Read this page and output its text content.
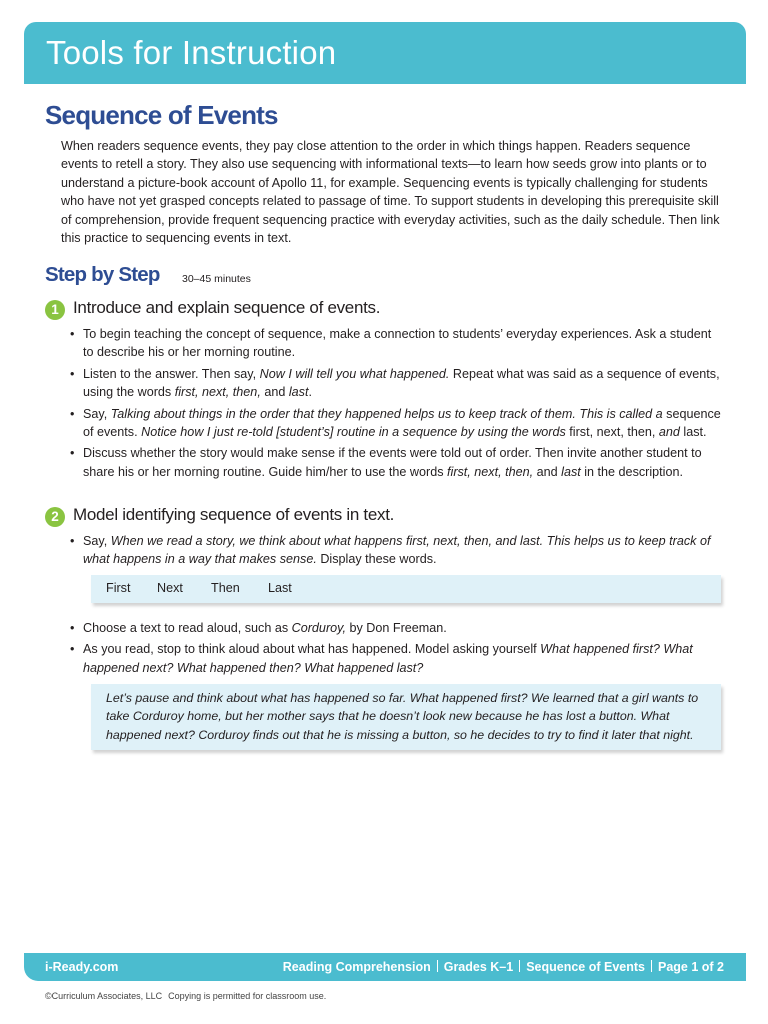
Tools for Instruction
Sequence of Events
When readers sequence events, they pay close attention to the order in which things happen. Readers sequence events to retell a story. They also use sequencing with informational texts—to learn how seeds grow into plants or to understand a picture-book account of Apollo 11, for example. Sequencing events is typically challenging for students who have not yet grasped concepts related to passage of time. To support students in developing this prerequisite skill of comprehension, provide frequent sequencing practice with everyday activities, such as the daily schedule. Then link this practice to sequencing events in text.
Step by Step 30–45 minutes
1 Introduce and explain sequence of events.
• To begin teaching the concept of sequence, make a connection to students’ everyday experiences. Ask a student to describe his or her morning routine.
• Listen to the answer. Then say, Now I will tell you what happened. Repeat what was said as a sequence of events, using the words first, next, then, and last.
• Say, Talking about things in the order that they happened helps us to keep track of them. This is called a sequence of events. Notice how I just re-told [student’s] routine in a sequence by using the words first, next, then, and last.
• Discuss whether the story would make sense if the events were told out of order. Then invite another student to share his or her morning routine. Guide him/her to use the words first, next, then, and last in the description.
2 Model identifying sequence of events in text.
• Say, When we read a story, we think about what happens first, next, then, and last. This helps us to keep track of what happens in a way that makes sense. Display these words.
First Next Then Last
• Choose a text to read aloud, such as Corduroy, by Don Freeman.
• As you read, stop to think aloud about what has happened. Model asking yourself What happened first? What happened next? What happened then? What happened last?
Let’s pause and think about what has happened so far. What happened first? We learned that a girl wants to take Corduroy home, but her mother says that he doesn’t look new because he has lost a button. What happened next? Corduroy finds out that he is missing a button, so he decides to try to find it later that night.
i-Ready.com	Reading Comprehension Grades K–1 Sequence of Events Page 1 of 2
©Curriculum Associates, LLC Copying is permitted for classroom use.
